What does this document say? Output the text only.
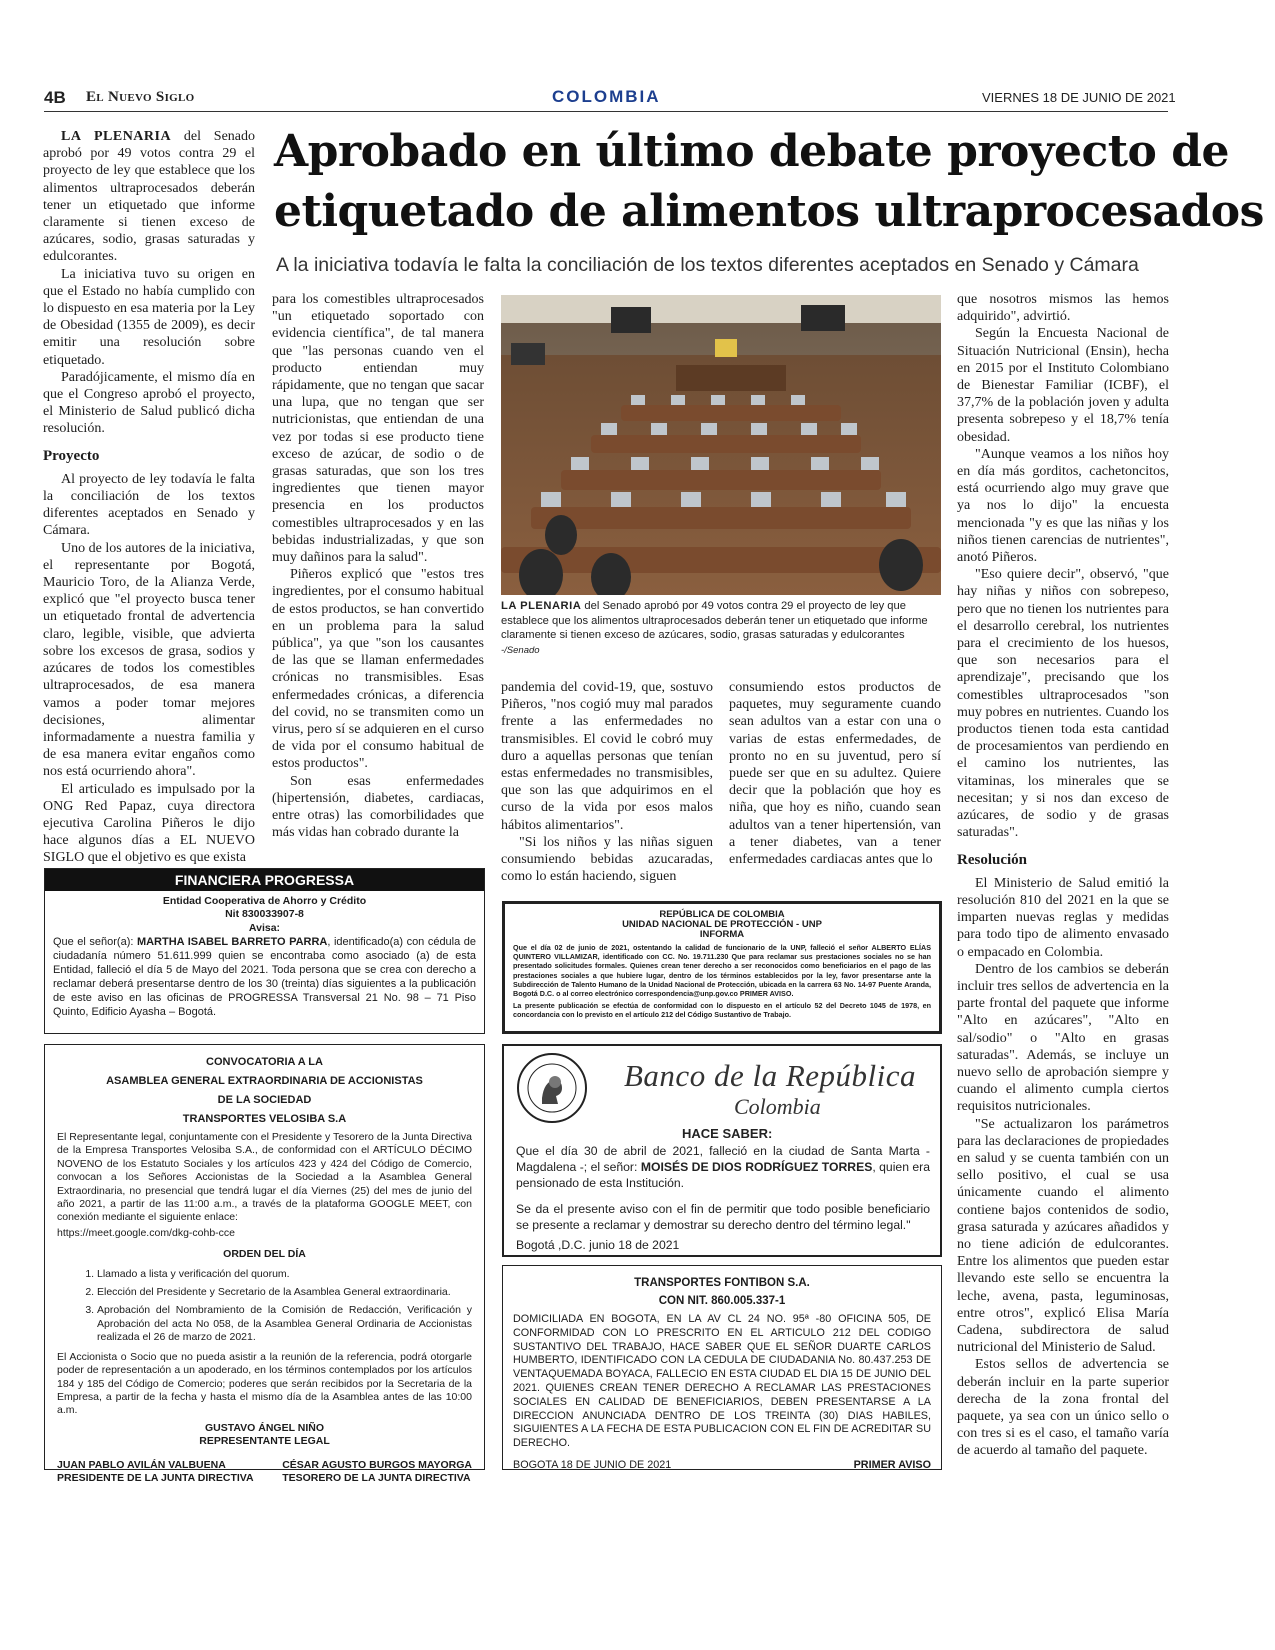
4B El Nuevo Siglo	COLOMBIA	VIERNES 18 DE JUNIO DE 2021
Aprobado en último debate proyecto de
etiquetado de alimentos ultraprocesados
A la iniciativa todavía le falta la conciliación de los textos diferentes aceptados en Senado y Cámara

LA PLENARIA del Senado aprobó por 49 votos contra 29 el proyecto de ley que establece que los alimentos ultraprocesados deberán tener un etiquetado que informe claramente si tienen exceso de azúcares, sodio, grasas saturadas y edulcorantes.

La iniciativa tuvo su origen en que el Estado no había cumplido con lo dispuesto en esa materia por la Ley de Obesidad (1355 de 2009), es decir emitir una resolución sobre etiquetado.

Paradójicamente, el mismo día en que el Congreso aprobó el proyecto, el Ministerio de Salud publicó dicha resolución.

Proyecto

Al proyecto de ley todavía le falta la conciliación de los textos diferentes aceptados en Senado y Cámara.

Uno de los autores de la iniciativa, el representante por Bogotá, Mauricio Toro, de la Alianza Verde, explicó que "el proyecto busca tener un etiquetado frontal de advertencia claro, legible, visible, que advierta sobre los excesos de grasa, sodios y azúcares de todos los comestibles ultraprocesados, de esa manera vamos a poder tomar mejores decisiones, alimentar informadamente a nuestra familia y de esa manera evitar engaños como nos está ocurriendo ahora".

El articulado es impulsado por la ONG Red Papaz, cuya directora ejecutiva Carolina Piñeros le dijo hace algunos días a EL NUEVO SIGLO que el objetivo es que exista

para los comestibles ultraprocesados "un etiquetado soportado con evidencia científica", de tal manera que "las personas cuando ven el producto entiendan muy rápidamente, que no tengan que sacar una lupa, que no tengan que ser nutricionistas, que entiendan de una vez por todas si ese producto tiene exceso de azúcar, de sodio o de grasas saturadas, que son los tres ingredientes que tienen mayor presencia en los productos comestibles ultraprocesados y en las bebidas industrializadas, y que son muy dañinos para la salud".

Piñeros explicó que "estos tres ingredientes, por el consumo habitual de estos productos, se han convertido en un problema para la salud pública", ya que "son los causantes de las que se llaman enfermedades crónicas no transmisibles. Esas enfermedades crónicas, a diferencia del covid, no se transmiten como un virus, pero sí se adquieren en el curso de vida por el consumo habitual de estos productos".

Son esas enfermedades (hipertensión, diabetes, cardiacas, entre otras) las comorbilidades que más vidas han cobrado durante la

LA PLENARIA del Senado aprobó por 49 votos contra 29 el proyecto de ley que establece que los alimentos ultraprocesados deberán tener un etiquetado que informe claramente si tienen exceso de azúcares, sodio, grasas saturadas y edulcorantes -/Senado

pandemia del covid-19, que, sostuvo Piñeros, "nos cogió muy mal parados frente a las enfermedades no transmisibles. El covid le cobró muy duro a aquellas personas que tenían estas enfermedades no transmisibles, que son las que adquirimos en el curso de la vida por esos malos hábitos alimentarios".

"Si los niños y las niñas siguen consumiendo bebidas azucaradas, como lo están haciendo, siguen

consumiendo estos productos de paquetes, muy seguramente cuando sean adultos van a estar con una o varias de estas enfermedades, de pronto no en su juventud, pero sí puede ser que en su adultez. Quiere decir que la población que hoy es niña, que hoy es niño, cuando sean adultos van a tener hipertensión, van a tener diabetes, van a tener enfermedades cardiacas antes que lo

que nosotros mismos las hemos adquirido", advirtió.

Según la Encuesta Nacional de Situación Nutricional (Ensin), hecha en 2015 por el Instituto Colombiano de Bienestar Familiar (ICBF), el 37,7% de la población joven y adulta presenta sobrepeso y el 18,7% tenía obesidad.

"Aunque veamos a los niños hoy en día más gorditos, cachetoncitos, está ocurriendo algo muy grave que ya nos lo dijo" la encuesta mencionada "y es que las niñas y los niños tienen carencias de nutrientes", anotó Piñeros.

"Eso quiere decir", observó, "que hay niñas y niños con sobrepeso, pero que no tienen los nutrientes para el desarrollo cerebral, los nutrientes para el crecimiento de los huesos, que son necesarios para el aprendizaje", precisando que los comestibles ultraprocesados "son muy pobres en nutrientes. Cuando los productos tienen toda esta cantidad de procesamientos van perdiendo en el camino los nutrientes, las vitaminas, los minerales que se necesitan; y si nos dan exceso de azúcares, de sodio y de grasas saturadas".

Resolución

El Ministerio de Salud emitió la resolución 810 del 2021 en la que se imparten nuevas reglas y medidas para todo tipo de alimento envasado o empacado en Colombia.

Dentro de los cambios se deberán incluir tres sellos de advertencia en la parte frontal del paquete que informe "Alto en azúcares", "Alto en sal/sodio" o "Alto en grasas saturadas". Además, se incluye un nuevo sello de aprobación siempre y cuando el alimento cumpla ciertos requisitos nutricionales.

"Se actualizaron los parámetros para las declaraciones de propiedades en salud y se cuenta también con un sello positivo, el cual se usa únicamente cuando el alimento contiene bajos contenidos de sodio, grasa saturada y azúcares añadidos y no tiene adición de edulcorantes. Entre los alimentos que pueden estar llevando este sello se encuentra la leche, avena, pasta, leguminosas, entre otros", explicó Elisa María Cadena, subdirectora de salud nutricional del Ministerio de Salud.

Estos sellos de advertencia se deberán incluir en la parte superior derecha de la zona frontal del paquete, ya sea con un único sello o con tres si es el caso, el tamaño varía de acuerdo al tamaño del paquete.

FINANCIERA PROGRESSA
Entidad Cooperativa de Ahorro y Crédito
Nit 830033907-8
Avisa:
Que el señor(a): MARTHA ISABEL BARRETO PARRA, identificado(a) con cédula de ciudadanía número 51.611.999 quien se encontraba como asociado (a) de esta Entidad, falleció el día 5 de Mayo del 2021. Toda persona que se crea con derecho a reclamar deberá presentarse dentro de los 30 (treinta) días siguientes a la publicación de este aviso en las oficinas de PROGRESSA Transversal 21 No. 98 – 71 Piso Quinto, Edificio Ayasha – Bogotá.
CONVOCATORIA A LA
ASAMBLEA GENERAL EXTRAORDINARIA DE ACCIONISTAS
DE LA SOCIEDAD
TRANSPORTES VELOSIBA S.A
El Representante legal, conjuntamente con el Presidente y Tesorero de la Junta Directiva de la Empresa Transportes Velosiba S.A., de conformidad con el ARTÍCULO DÉCIMO NOVENO de los Estatuto Sociales y los artículos 423 y 424 del Código de Comercio, convocan a los Señores Accionistas de la Sociedad a la Asamblea General Extraordinaria, no presencial que tendrá lugar el día Viernes (25) del mes de junio del año 2021, a partir de las 11:00 a.m., a través de la plataforma GOOGLE MEET, con conexión mediante el siguiente enlace:
https://meet.google.com/dkg-cohb-cce
ORDEN DEL DÍA
1. Llamado a lista y verificación del quorum.
2. Elección del Presidente y Secretario de la Asamblea General extraordinaria.
3. Aprobación del Nombramiento de la Comisión de Redacción, Verificación y Aprobación del acta No 058, de la Asamblea General Ordinaria de Accionistas realizada el 26 de marzo de 2021.
El Accionista o Socio que no pueda asistir a la reunión de la referencia, podrá otorgarle poder de representación a un apoderado, en los términos contemplados por los artículos 184 y 185 del Código de Comercio; poderes que serán recibidos por la Secretaria de la Empresa, a partir de la fecha y hasta el mismo día de la Asamblea antes de las 10:00 a.m.
GUSTAVO ÁNGEL NIÑO
REPRESENTANTE LEGAL
JUAN PABLO AVILÁN VALBUENA
PRESIDENTE DE LA JUNTA DIRECTIVA
CÉSAR AGUSTO BURGOS MAYORGA
TESORERO DE LA JUNTA DIRECTIVA
REPÚBLICA DE COLOMBIA
UNIDAD NACIONAL DE PROTECCIÓN - UNP
INFORMA
Que el día 02 de junio de 2021, ostentando la calidad de funcionario de la UNP, falleció el señor ALBERTO ELÍAS QUINTERO VILLAMIZAR, identificado con CC. No. 19.711.230 Que para reclamar sus prestaciones sociales no se han presentado solicitudes formales. Quienes crean tener derecho a ser reconocidos como beneficiarios en el pago de las prestaciones sociales a que hubiere lugar, dentro de los términos establecidos por la ley, favor presentarse ante la Subdirección de Talento Humano de la Unidad Nacional de Protección, ubicada en la carrera 63 No. 14-97 Puente Aranda, Bogotá D.C. o al correo electrónico correspondencia@unp.gov.co PRIMER AVISO.
La presente publicación se efectúa de conformidad con lo dispuesto en el artículo 52 del Decreto 1045 de 1978, en concordancia con lo previsto en el artículo 212 del Código Sustantivo de Trabajo.
Banco de la República
Colombia
HACE SABER:
Que el día 30 de abril de 2021, falleció en la ciudad de Santa Marta - Magdalena -; el señor: MOISÉS DE DIOS RODRÍGUEZ TORRES, quien era pensionado de esta Institución.
Se da el presente aviso con el fin de permitir que todo posible beneficiario se presente a reclamar y demostrar su derecho dentro del término legal."
Bogotá ,D.C. junio 18 de 2021
TRANSPORTES FONTIBON S.A.
CON NIT. 860.005.337-1
DOMICILIADA EN BOGOTA, EN LA AV CL 24 NO. 95ª -80 OFICINA 505, DE CONFORMIDAD CON LO PRESCRITO EN EL ARTICULO 212 DEL CODIGO SUSTANTIVO DEL TRABAJO, HACE SABER QUE EL SEÑOR DUARTE CARLOS HUMBERTO, IDENTIFICADO CON LA CEDULA DE CIUDADANIA No. 80.437.253 DE VENTAQUEMADA BOYACA, FALLECIO EN ESTA CIUDAD EL DIA 15 DE JUNIO DEL 2021. QUIENES CREAN TENER DERECHO A RECLAMAR LAS PRESTACIONES SOCIALES EN CALIDAD DE BENEFICIARIOS, DEBEN PRESENTARSE A LA DIRECCION ANUNCIADA DENTRO DE LOS TREINTA (30) DIAS HABILES, SIGUIENTES A LA FECHA DE ESTA PUBLICACION CON EL FIN DE ACREDITAR SU DERECHO.
BOGOTA 18 DE JUNIO DE 2021	PRIMER AVISO
